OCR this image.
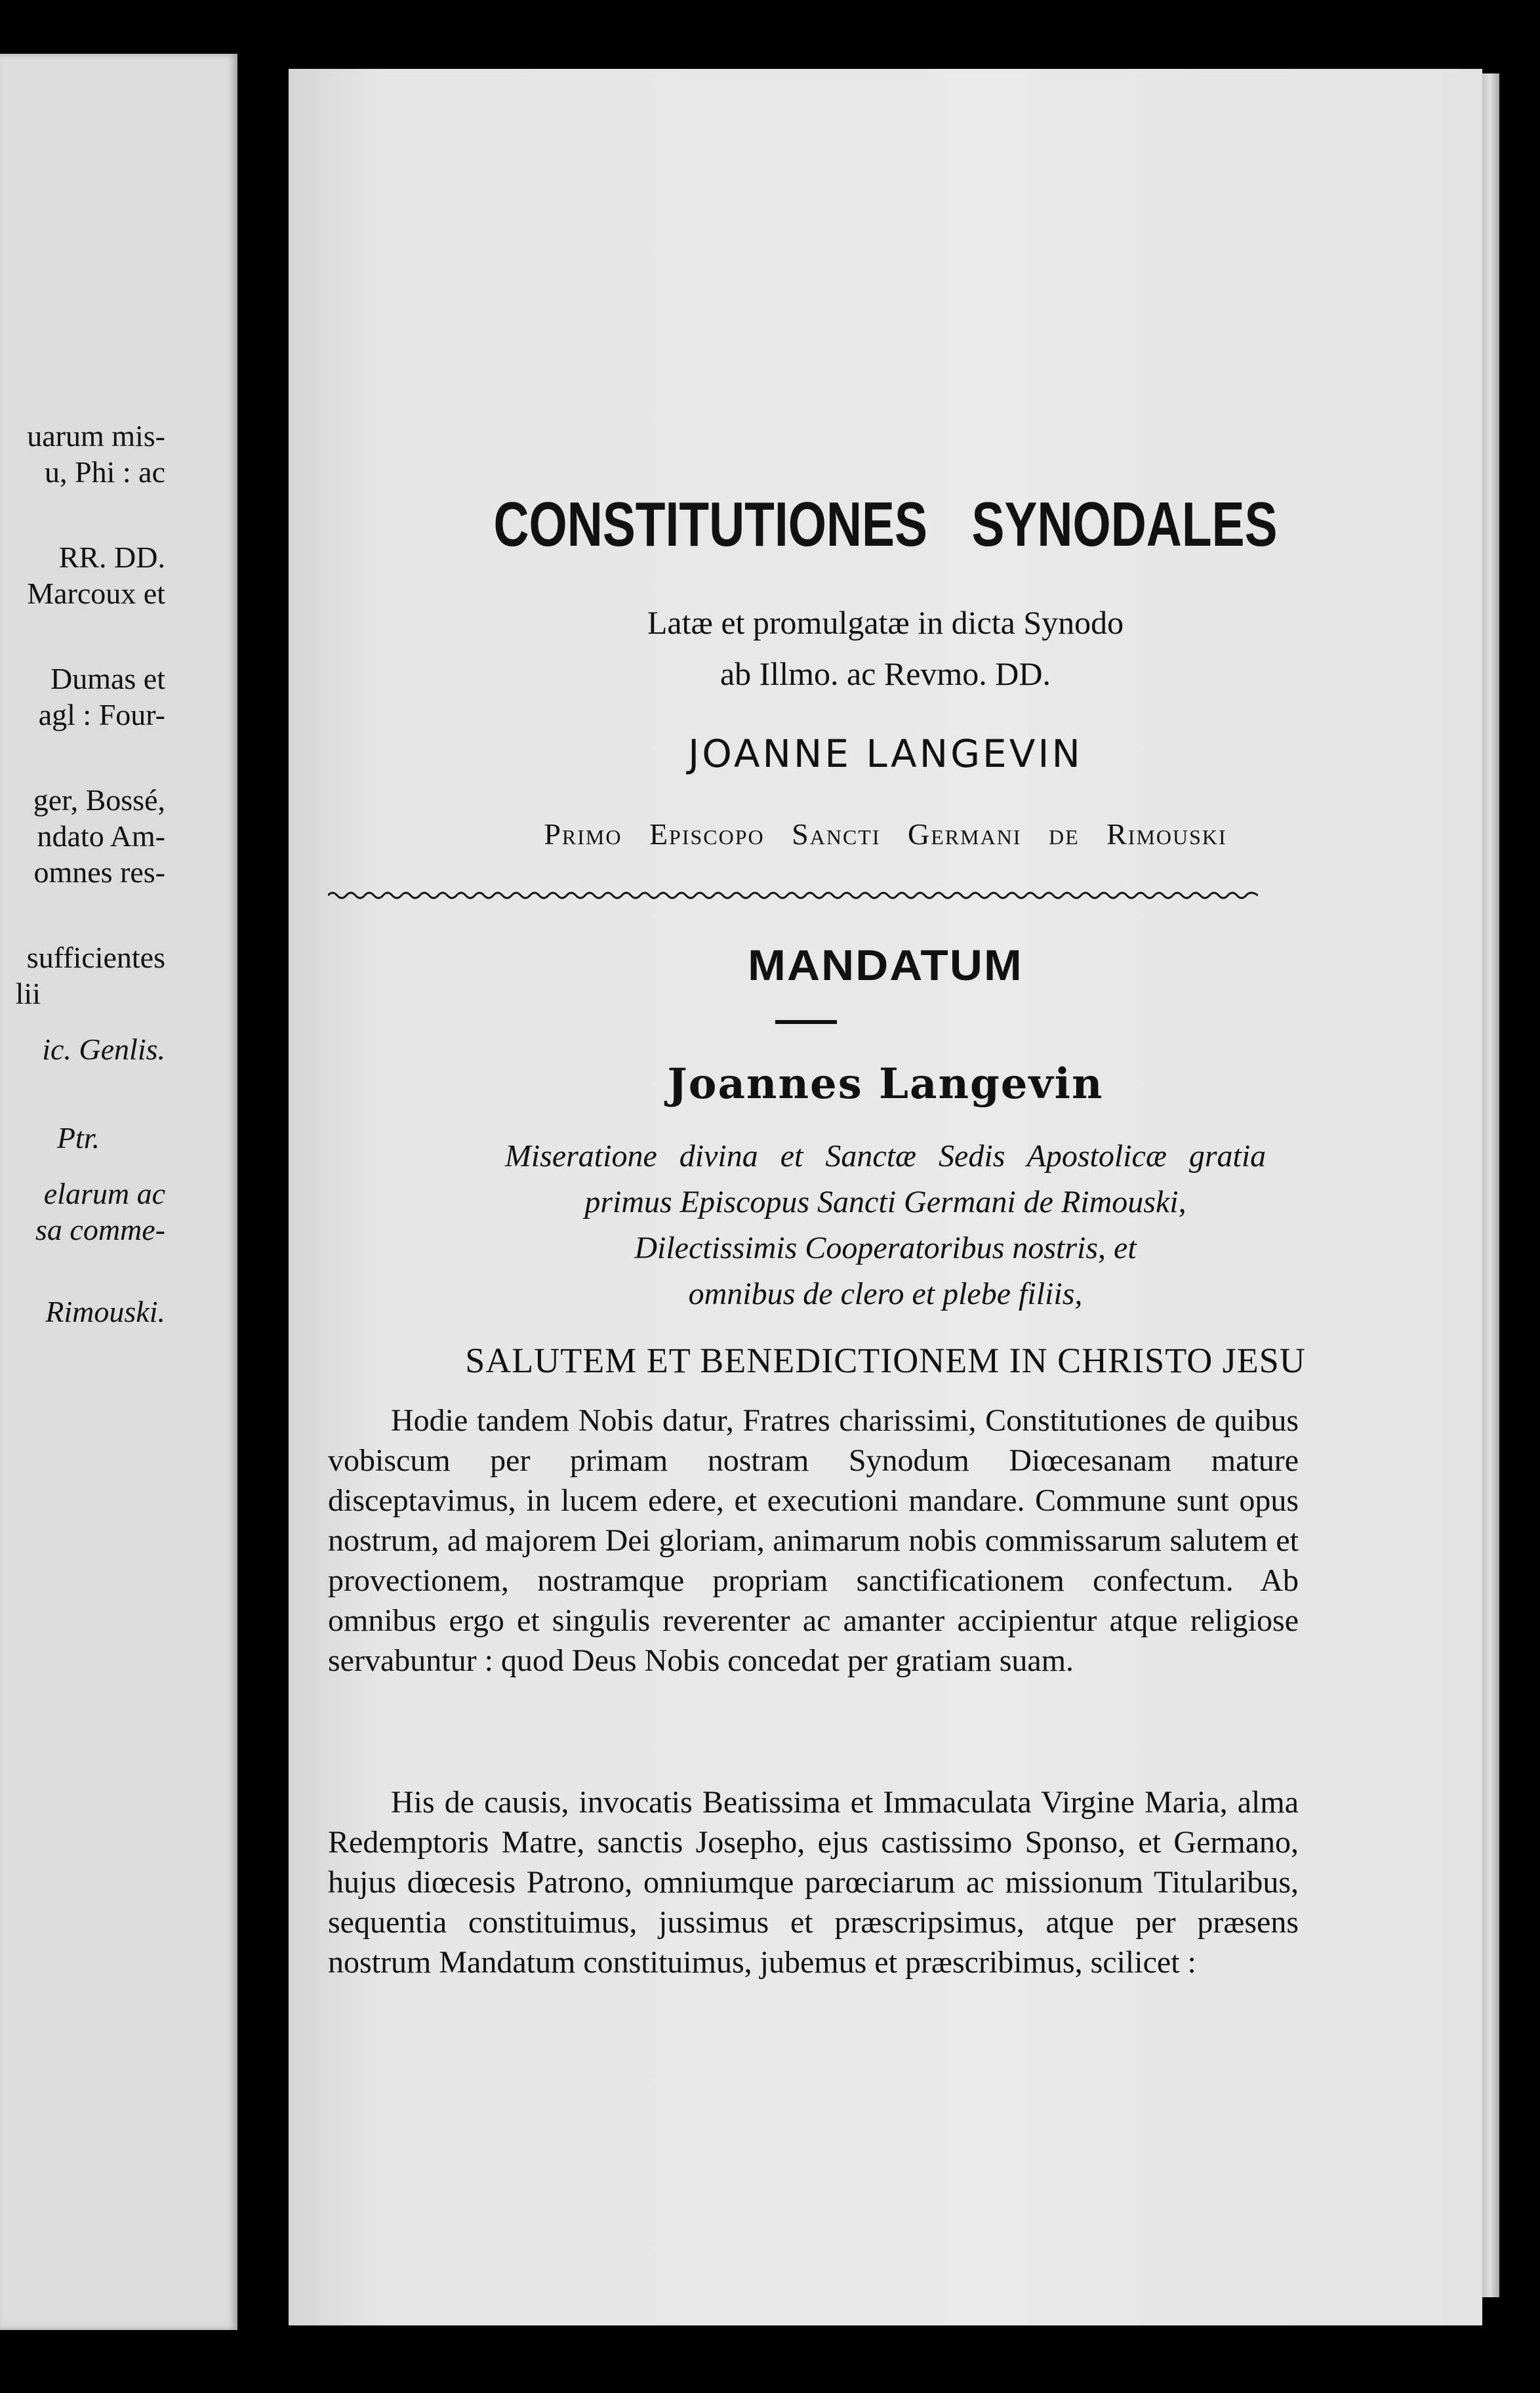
uarum mis-
u, Phi : ac
RR. DD.
Marcoux et
Dumas et
agl : Four-
ger, Bossé,
ndato Am-
omnes res-
sufficientes
lii
ic. Genlis.
Ptr.
elarum ac
sa comme-
Rimouski.
CONSTITUTIONES SYNODALES
Latæ et promulgatæ in dicta Synodo
ab Illmo. ac Revmo. DD.
JOANNE LANGEVIN
Primo Episcopo Sancti Germani de Rimouski
MANDATUM
Joannes Langevin
Miseratione divina et Sanctæ Sedis Apostolicæ gratia
primus Episcopus Sancti Germani de Rimouski,
Dilectissimis Cooperatoribus nostris, et
omnibus de clero et plebe filiis,
SALUTEM ET BENEDICTIONEM IN CHRISTO JESU
Hodie tandem Nobis datur, Fratres charissimi, Constitutiones de quibus vobiscum per primam nostram Synodum Diœcesanam mature disceptavimus, in lucem edere, et executioni mandare. Commune sunt opus nostrum, ad majorem Dei gloriam, animarum nobis commissarum salutem et provectionem, nostramque propriam sanctificationem confectum. Ab omnibus ergo et singulis reverenter ac amanter accipientur atque religiose servabuntur : quod Deus Nobis concedat per gratiam suam.
His de causis, invocatis Beatissima et Immaculata Virgine Maria, alma Redemptoris Matre, sanctis Josepho, ejus castissimo Sponso, et Germano, hujus diœcesis Patrono, omniumque parœciarum ac missionum Titularibus, sequentia constituimus, jussimus et præscripsimus, atque per præsens nostrum Mandatum constituimus, jubemus et præscribimus, scilicet :
